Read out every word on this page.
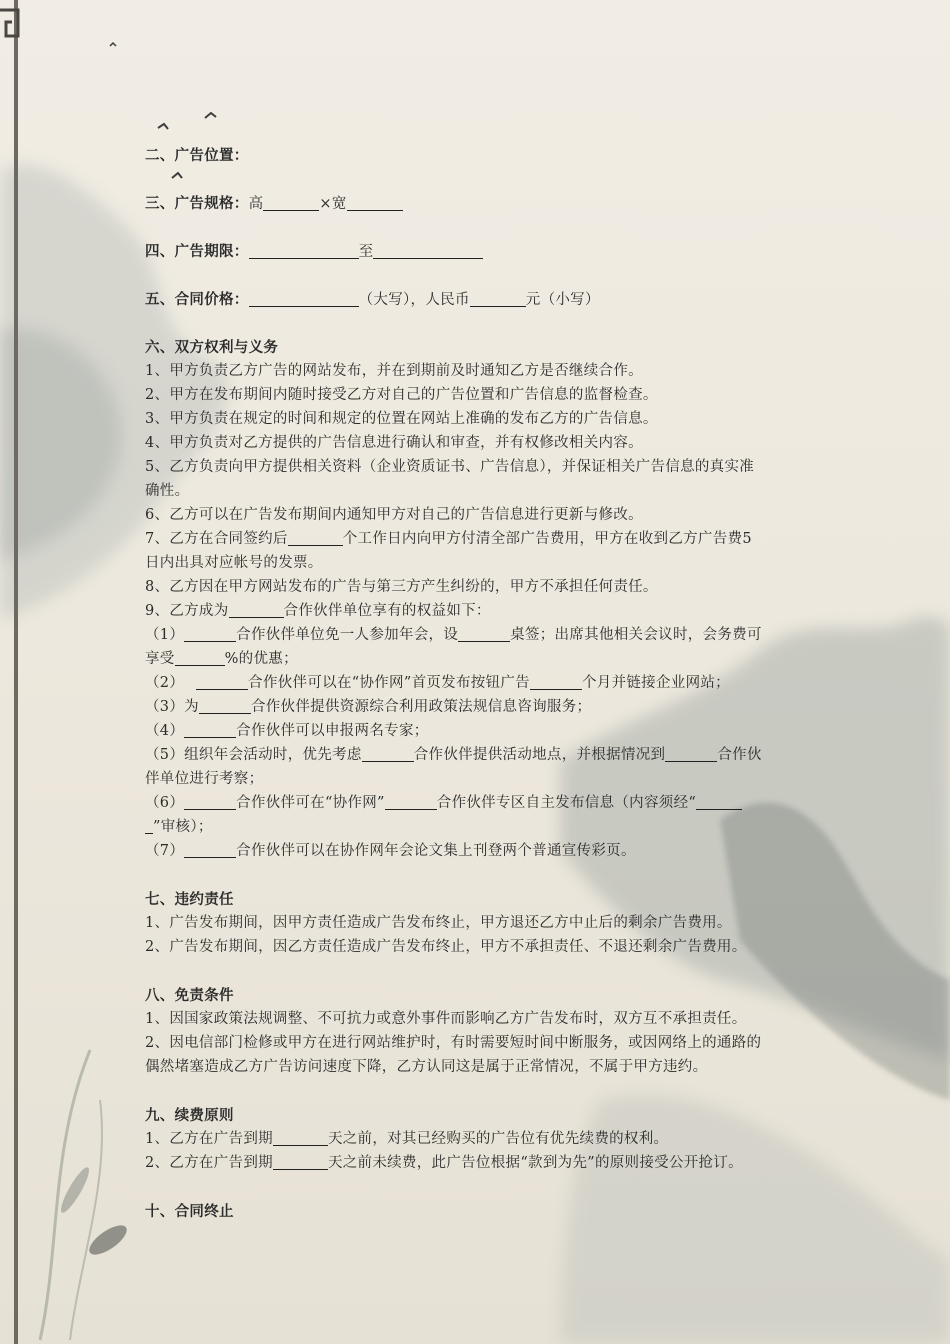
二、广告位置：
三、广告规格：高	×宽
四、广告期限：	至
五、合同价格：	（大写），人民币	元（小写）
六、双方权利与义务
1、甲方负责乙方广告的网站发布，并在到期前及时通知乙方是否继续合作。
2、甲方在发布期间内随时接受乙方对自己的广告位置和广告信息的监督检查。
3、甲方负责在规定的时间和规定的位置在网站上准确的发布乙方的广告信息。
4、甲方负责对乙方提供的广告信息进行确认和审查，并有权修改相关内容。
5、乙方负责向甲方提供相关资料（企业资质证书、广告信息），并保证相关广告信息的真实准
确性。
6、乙方可以在广告发布期间内通知甲方对自己的广告信息进行更新与修改。
7、乙方在合同签约后	个工作日内向甲方付清全部广告费用，甲方在收到乙方广告费5
日内出具对应帐号的发票。
8、乙方因在甲方网站发布的广告与第三方产生纠纷的，甲方不承担任何责任。
9、乙方成为	合作伙伴单位享有的权益如下：
（1）	合作伙伴单位免一人参加年会，设	桌签；出席其他相关会议时，会务费可
享受	%的优惠；
（2）	合作伙伴可以在“协作网”首页发布按钮广告	个月并链接企业网站；
（3）为	合作伙伴提供资源综合利用政策法规信息咨询服务；
（4）	合作伙伴可以申报两名专家；
（5）组织年会活动时，优先考虑	合作伙伴提供活动地点，并根据情况到	合作伙
伴单位进行考察；
（6）	合作伙伴可在“协作网”	合作伙伴专区自主发布信息（内容须经“
”审核）；
（7）	合作伙伴可以在协作网年会论文集上刊登两个普通宣传彩页。
七、违约责任
1、广告发布期间，因甲方责任造成广告发布终止，甲方退还乙方中止后的剩余广告费用。
2、广告发布期间，因乙方责任造成广告发布终止，甲方不承担责任、不退还剩余广告费用。
八、免责条件
1、因国家政策法规调整、不可抗力或意外事件而影响乙方广告发布时，双方互不承担责任。
2、因电信部门检修或甲方在进行网站维护时，有时需要短时间中断服务，或因网络上的通路的
偶然堵塞造成乙方广告访问速度下降，乙方认同这是属于正常情况，不属于甲方违约。
九、续费原则
1、乙方在广告到期	天之前，对其已经购买的广告位有优先续费的权利。
2、乙方在广告到期	天之前未续费，此广告位根据“款到为先”的原则接受公开抢订。
十、合同终止
